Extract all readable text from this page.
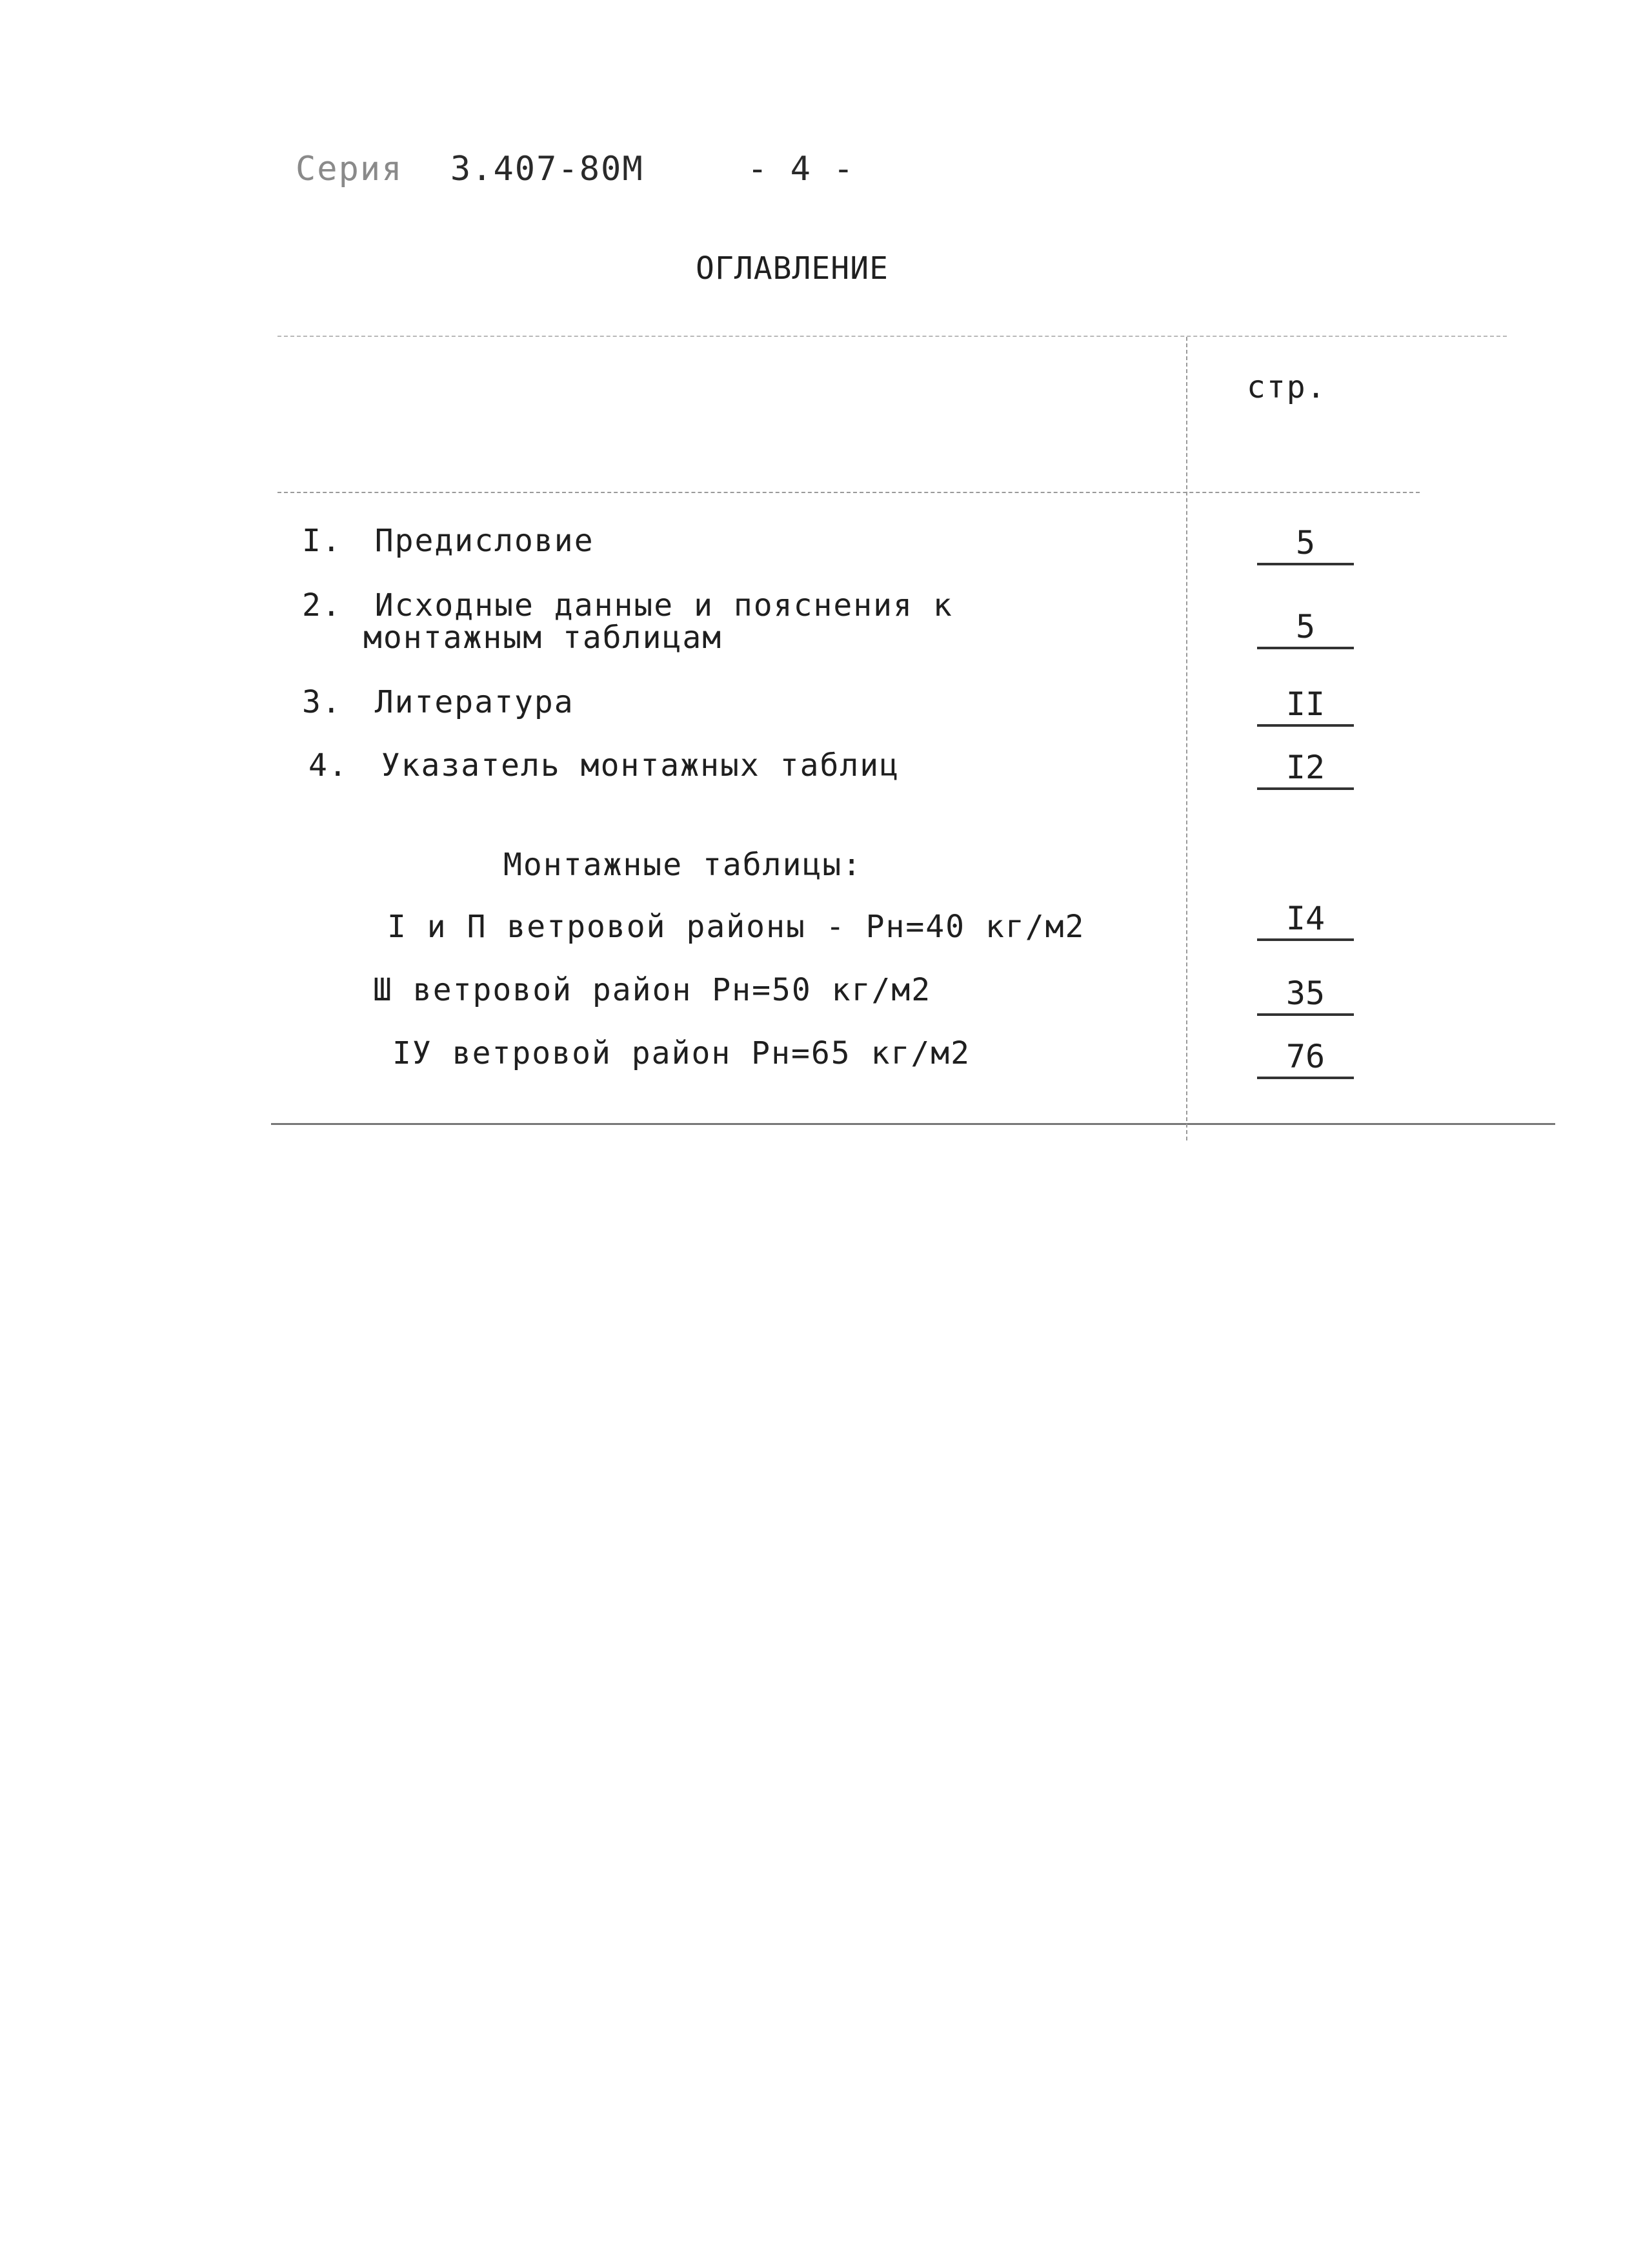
Серия 3.407-80М	- 4 -
ОГЛАВЛЕНИЕ
стр.
I. Предисловие	5
2. Исходные данные и пояснения к
монтажным таблицам	5
3. Литература	II
4. Указатель монтажных таблиц	I2
Монтажные таблицы:
I и П ветровой районы - Рн=40 кг/м2	I4
Ш ветровой район Рн=50 кг/м2	35
IУ ветровой район Рн=65 кг/м2	76
